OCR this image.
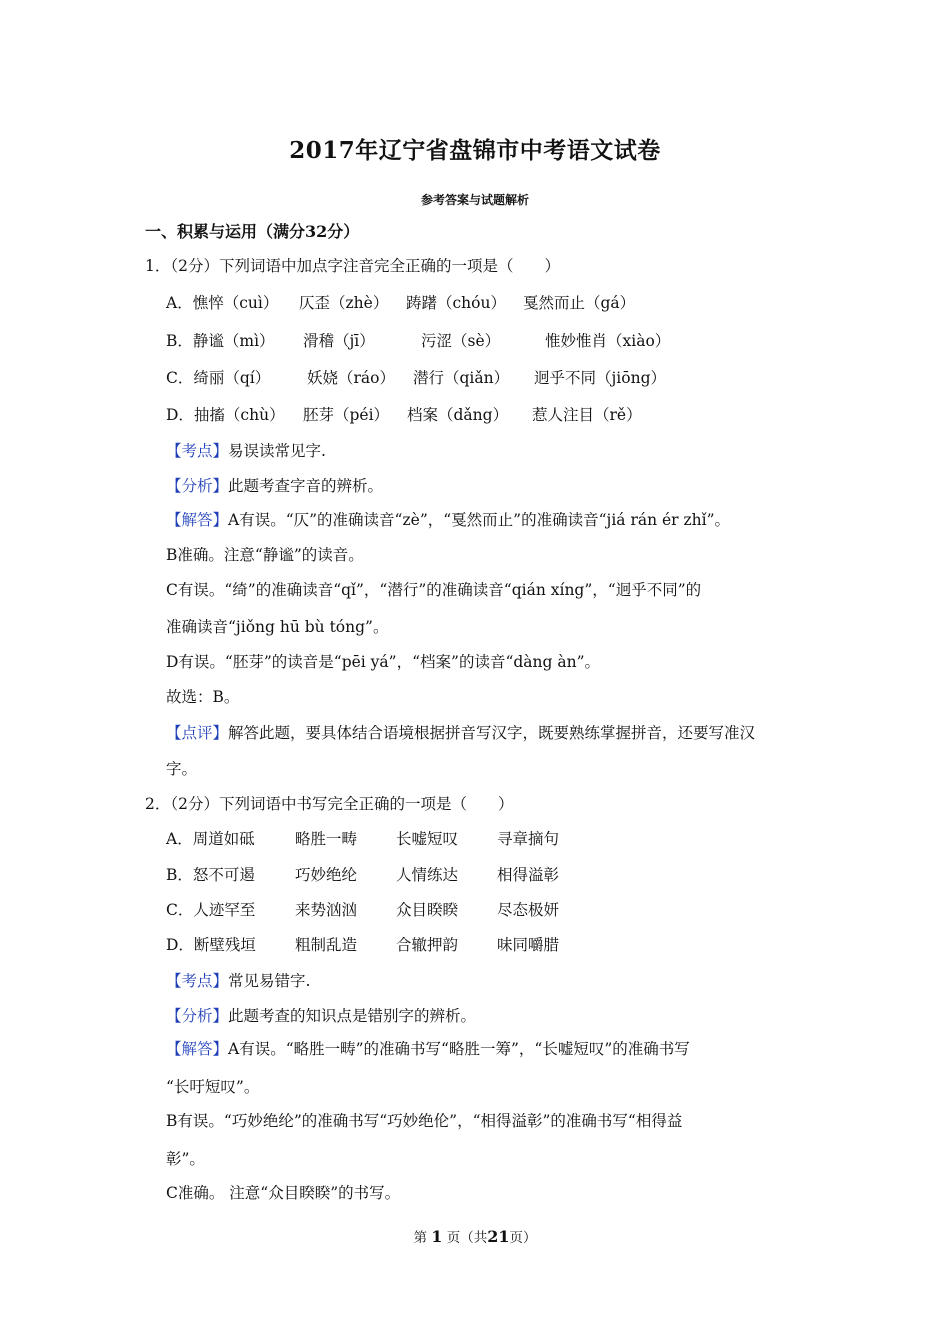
2017年辽宁省盘锦市中考语文试卷
参考答案与试题解析
一、积累与运用（满分32分）
1．（2分）下列词语中加点字注音完全正确的一项是（　　）
A．憔悴（cuì） 仄歪（zhè） 踌躇（chóu） 戛然而止（gá）
B．静谧（mì） 滑稽（jī）	污涩（sè）	惟妙惟肖（xiào）
C．绮丽（qí） 妖娆（ráo） 潜行（qiǎn） 迥乎不同（jiōng）
D．抽搐（chù） 胚芽（péi） 档案（dǎng） 惹人注目（rě）
【考点】易误读常见字.
【分析】此题考查字音的辨析。
【解答】A有误。“仄”的准确读音“zè”，“戛然而止”的准确读音“jiá rán ér zhǐ”。
B准确。注意“静谧”的读音。
C有误。“绮”的准确读音“qǐ”，“潜行”的准确读音“qián xíng”，“迥乎不同”的
准确读音“jiǒng hū bù tóng”。
D有误。“胚芽”的读音是“pēi yá”，“档案”的读音“dàng àn”。
故选：B。
【点评】解答此题，要具体结合语境根据拼音写汉字，既要熟练掌握拼音，还要写准汉
字。
2．（2分）下列词语中书写完全正确的一项是（　　）
A．周道如砥	略胜一畴	长嘘短叹	寻章摘句
B．怒不可遏	巧妙绝纶	人情练达	相得溢彰
C．人迹罕至	来势汹汹	众目睽睽	尽态极妍
D．断壁残垣	粗制乱造	合辙押韵	味同嚼腊
【考点】常见易错字.
【分析】此题考查的知识点是错别字的辨析。
【解答】A有误。“略胜一畴”的准确书写“略胜一筹”，“长嘘短叹”的准确书写
“长吁短叹”。
B有误。“巧妙绝纶”的准确书写“巧妙绝伦”，“相得溢彰”的准确书写“相得益
彰”。
C准确。 注意“众目睽睽”的书写。
第 1 页（共21页）
